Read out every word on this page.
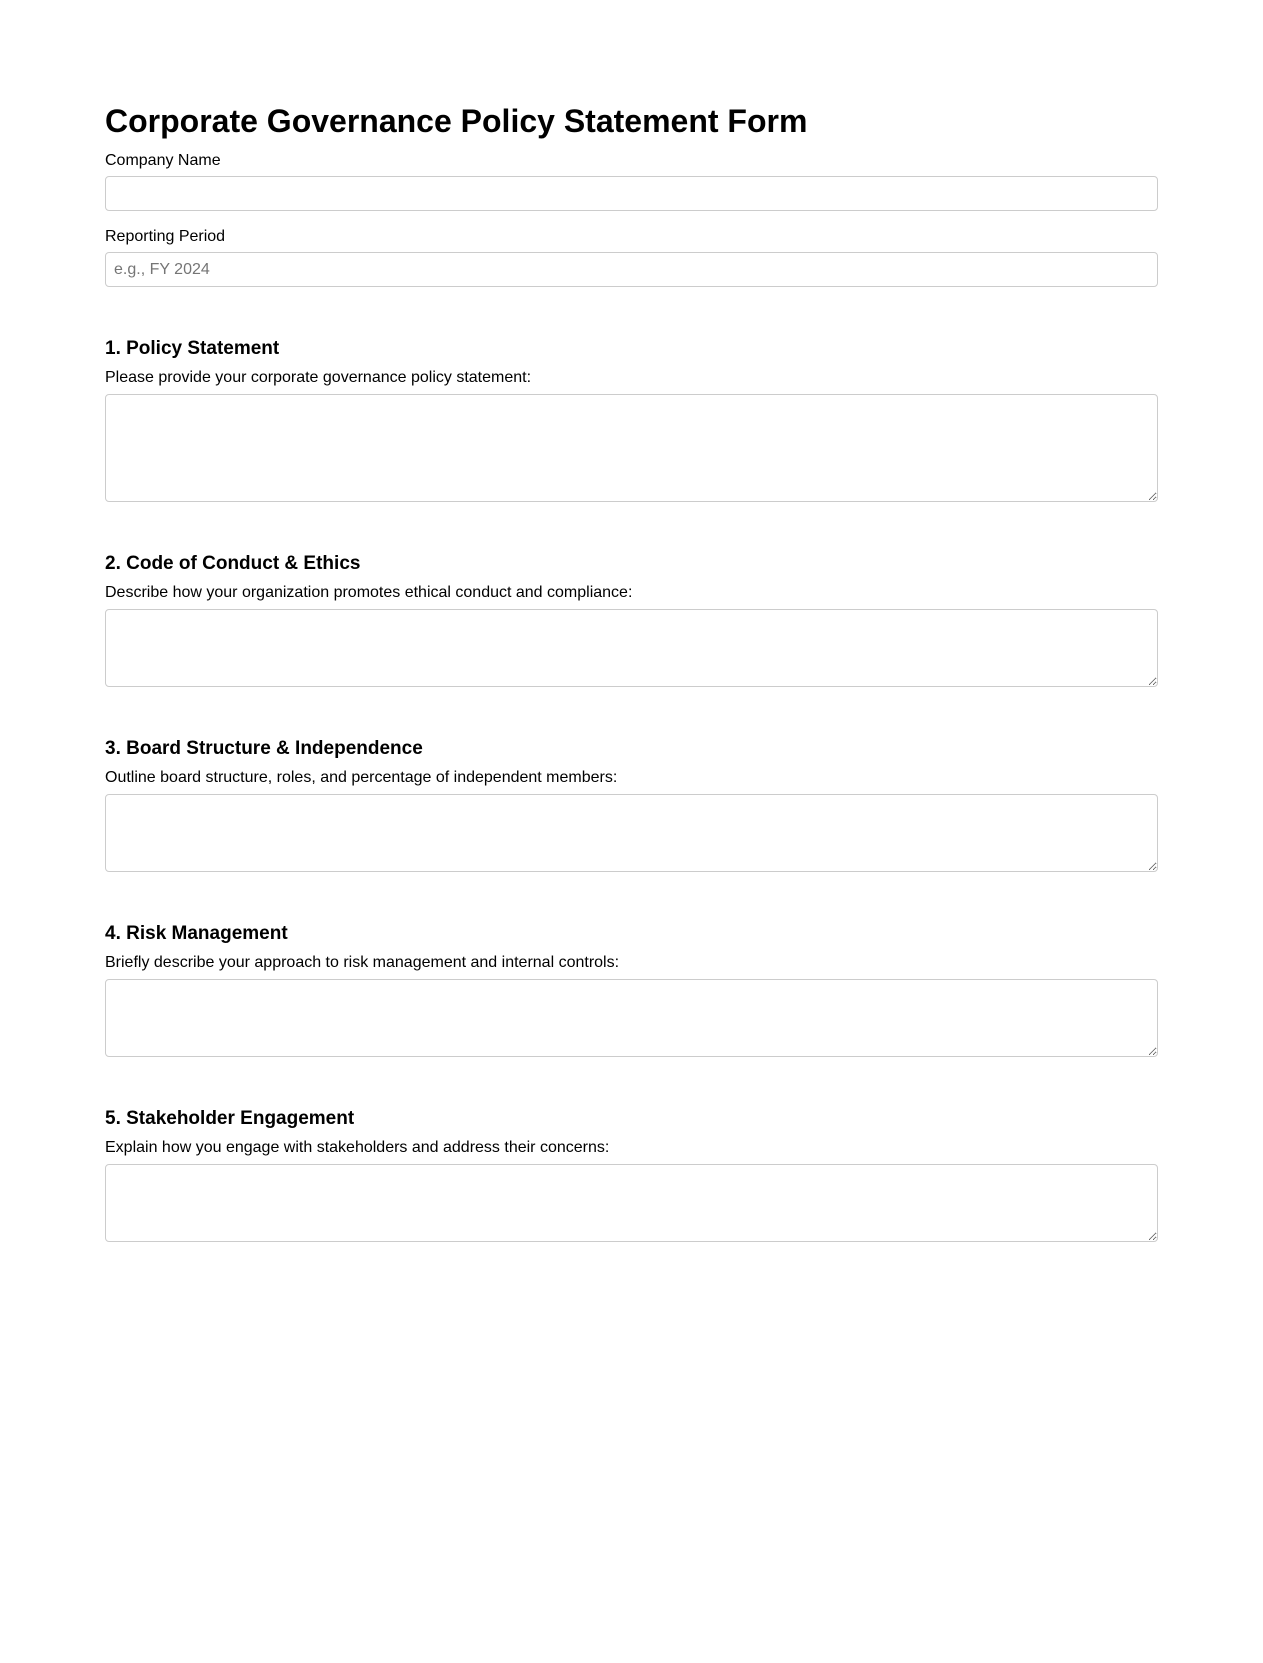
Corporate Governance Policy Statement Form
Company Name
Reporting Period
e.g., FY 2024
1. Policy Statement
Please provide your corporate governance policy statement:
2. Code of Conduct & Ethics
Describe how your organization promotes ethical conduct and compliance:
3. Board Structure & Independence
Outline board structure, roles, and percentage of independent members:
4. Risk Management
Briefly describe your approach to risk management and internal controls:
5. Stakeholder Engagement
Explain how you engage with stakeholders and address their concerns:
